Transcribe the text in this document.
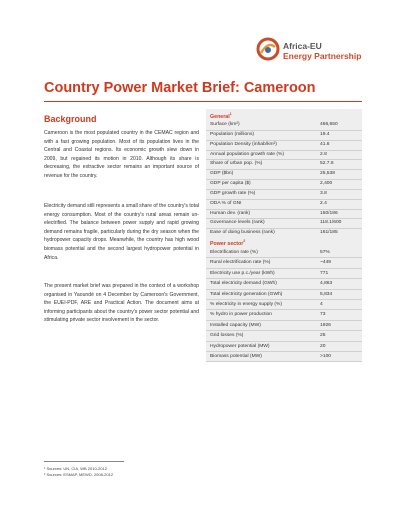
Africa-EU
Energy Partnership
Country Power Market Brief: Cameroon
Background
Cameroon is the most populated country in the CEMAC region and with a fast growing population. Most of its population lives in the Central and Coastal regions. Its economic growth slew down in 2009, but regained its motion in 2010. Although its share is decreasing, the extractive sector remains an important source of revenue for the country.
Electricity demand still represents a small share of the country's total energy consumption. Most of the country's rural areas remain un-electrified. The balance between power supply and rapid growing demand remains fragile, particularly during the dry season when the hydropower capacity drops. Meanwhile, the country has high wood biomass potential and the second largest hydropower potential in Africa.
The present market brief was prepared in the context of a workshop organised in Yaoundé on 4 December by Cameroon's Government, the EUEI-PDF, ARE and Practical Action. The document aims at informing participants about the country's power sector potential and stimulating private sector involvement in the sector.
General$^1$
Surface (km²)	466,650
Population (millions)	19.4
Population Density (inhab/km²)	41.6
Annual population growth rate (%)	2.8
Share of urban pop. (%)	52.7.6
GDP ($bn)	25,538
GDP per capita ($)	2,400
GDP growth rate (%)	3.8
ODA % of GNI	2.4
Human dev. (rank)	150/186
Governance levels (rank)	118.1/600
Ease of doing business (rank)	161/185
Power sector$^2$
Electrification rate (%)	57%
Rural electrification rate (%)	~449
Electricity use p.c./year (kWh)	771
Total electricity demand (GWh)	4,863
Total electricity generation (GWh)	5,834
% electricity in energy supply (%)	4
% hydro in power production	73
Installed capacity (MW)	1926
Grid losses (%)	25
Hydropower potential (MW)	20
Biomass potential (MW)	>100
¹ Sources: UN, CIA, WB 2010-2012
² Sources: ESMAP, MEWD, 2008-2012
